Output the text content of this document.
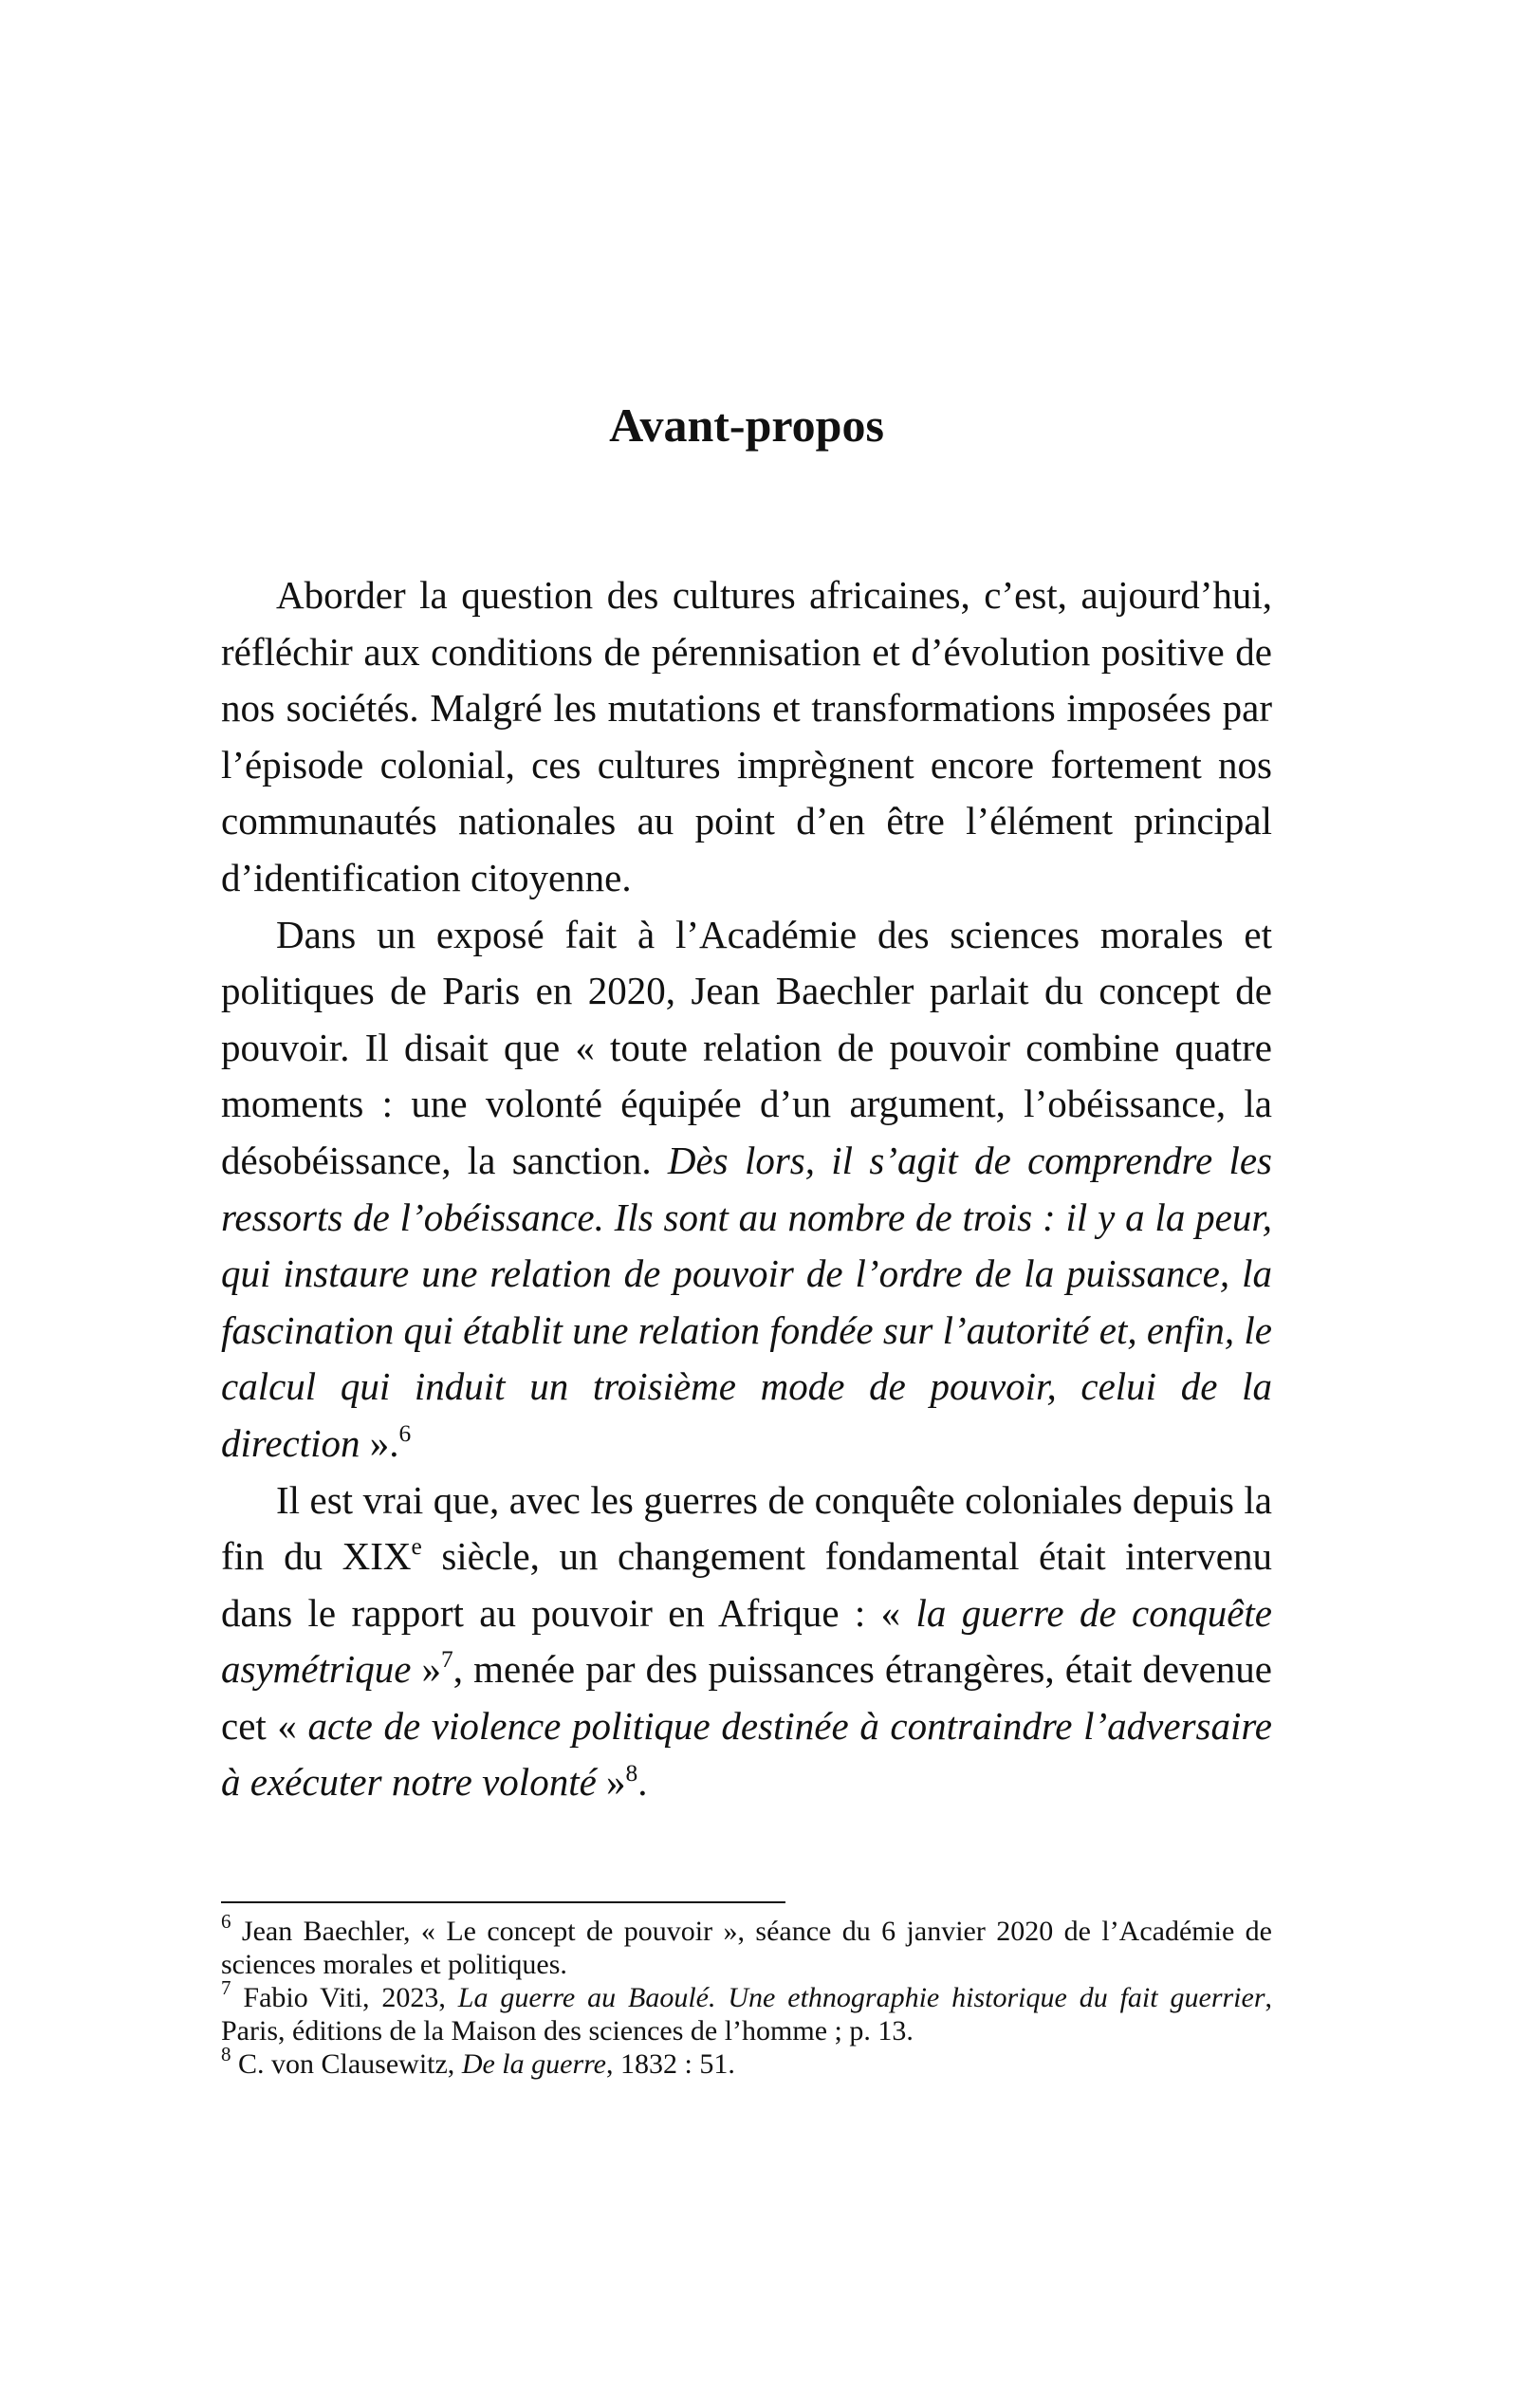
Avant-propos

Aborder la question des cultures africaines, c’est, aujourd’hui, réfléchir aux conditions de pérennisation et d’évolution positive de nos sociétés. Malgré les mutations et transformations imposées par l’épisode colonial, ces cultures imprègnent encore fortement nos communautés nationales au point d’en être l’élément principal d’identification citoyenne.

Dans un exposé fait à l’Académie des sciences morales et politiques de Paris en 2020, Jean Baechler parlait du concept de pouvoir. Il disait que « toute relation de pouvoir combine quatre moments : une volonté équipée d’un argument, l’obéissance, la désobéissance, la sanction. Dès lors, il s’agit de comprendre les ressorts de l’obéissance. Ils sont au nombre de trois : il y a la peur, qui instaure une relation de pouvoir de l’ordre de la puissance, la fascination qui établit une relation fondée sur l’autorité et, enfin, le calcul qui induit un troisième mode de pouvoir, celui de la direction ».$^6$

Il est vrai que, avec les guerres de conquête coloniales depuis la fin du XIXe siècle, un changement fondamental était intervenu dans le rapport au pouvoir en Afrique : « la guerre de conquête asymétrique »$^7$, menée par des puissances étrangères, était devenue cet « acte de violence politique destinée à contraindre l’adversaire à exécuter notre volonté »$^8$.

$^6$ Jean Baechler, « Le concept de pouvoir », séance du 6 janvier 2020 de l’Académie de sciences morales et politiques.

$^7$ Fabio Viti, 2023, La guerre au Baoulé. Une ethnographie historique du fait guerrier, Paris, éditions de la Maison des sciences de l’homme ; p. 13.

$^8$ C. von Clausewitz, De la guerre, 1832 : 51.
